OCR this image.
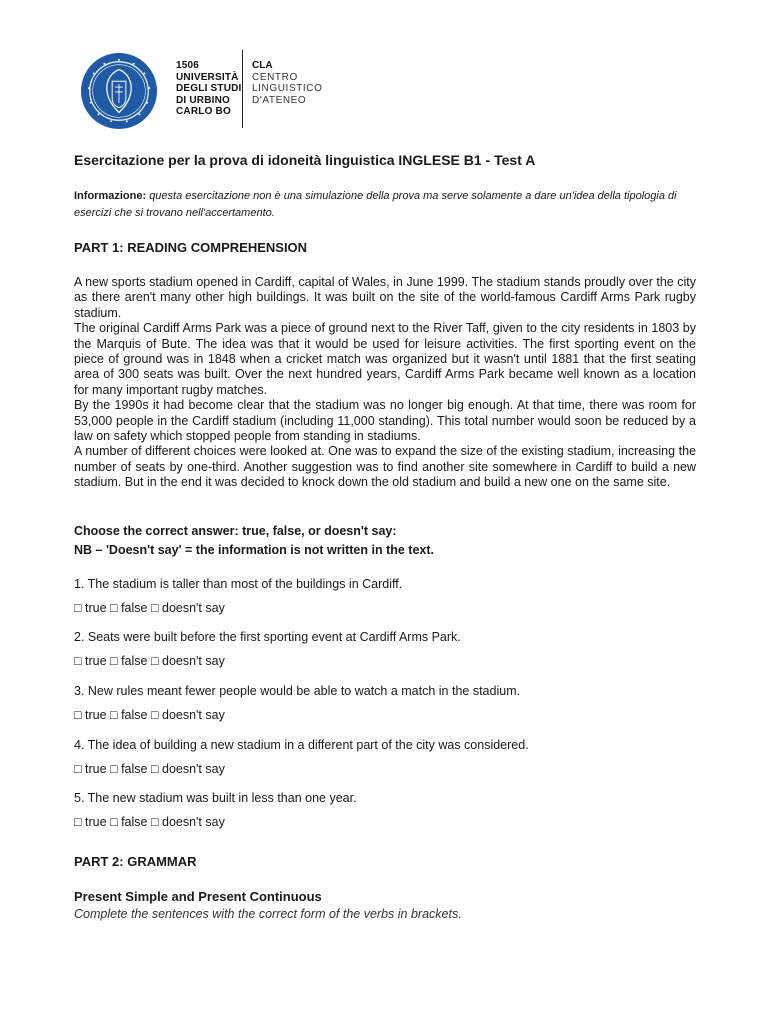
1506
UNIVERSITÀ
DEGLI STUDI
DI URBINO
CARLO BO
CLA
CENTRO
LINGUISTICO
D'ATENEO
Esercitazione per la prova di idoneità linguistica INGLESE B1 - Test A
Informazione: questa esercitazione non è una simulazione della prova ma serve solamente a dare un'idea della tipologia di esercizi che si trovano nell'accertamento.
PART 1: READING COMPREHENSION

A new sports stadium opened in Cardiff, capital of Wales, in June 1999. The stadium stands proudly over the city as there aren't many other high buildings. It was built on the site of the world-famous Cardiff Arms Park rugby stadium.

The original Cardiff Arms Park was a piece of ground next to the River Taff, given to the city residents in 1803 by the Marquis of Bute. The idea was that it would be used for leisure activities. The first sporting event on the piece of ground was in 1848 when a cricket match was organized but it wasn't until 1881 that the first seating area of 300 seats was built. Over the next hundred years, Cardiff Arms Park became well known as a location for many important rugby matches.

By the 1990s it had become clear that the stadium was no longer big enough. At that time, there was room for 53,000 people in the Cardiff stadium (including 11,000 standing). This total number would soon be reduced by a law on safety which stopped people from standing in stadiums.

A number of different choices were looked at. One was to expand the size of the existing stadium, increasing the number of seats by one-third. Another suggestion was to find another site somewhere in Cardiff to build a new stadium. But in the end it was decided to knock down the old stadium and build a new one on the same site.

Choose the correct answer: true, false, or doesn't say:
NB – 'Doesn't say' = the information is not written in the text.
1. The stadium is taller than most of the buildings in Cardiff.
□ true □ false □ doesn't say
2. Seats were built before the first sporting event at Cardiff Arms Park.
□ true □ false □ doesn't say
3. New rules meant fewer people would be able to watch a match in the stadium.
□ true □ false □ doesn't say
4. The idea of building a new stadium in a different part of the city was considered.
□ true □ false □ doesn't say
5. The new stadium was built in less than one year.
□ true □ false □ doesn't say
PART 2: GRAMMAR
Present Simple and Present Continuous
Complete the sentences with the correct form of the verbs in brackets.
